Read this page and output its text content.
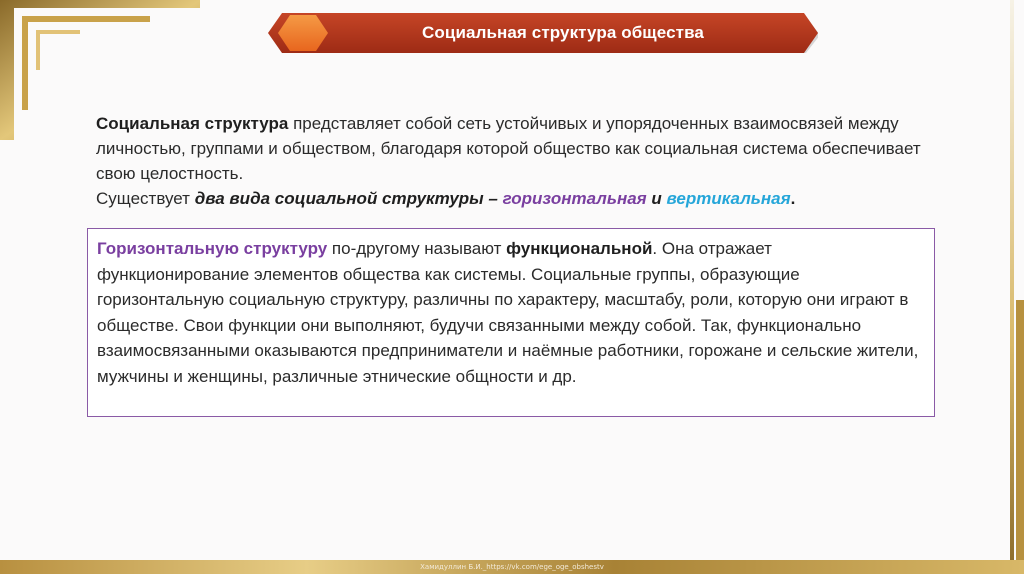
Социальная структура общества

Социальная структура представляет собой сеть устойчивых и упорядоченных взаимосвязей между личностью, группами и обществом, благодаря которой общество как социальная система обеспечивает свою целостность.

Существует два вида социальной структуры – горизонтальная и вертикальная.

Горизонтальную структуру по-другому называют функциональной. Она отражает функционирование элементов общества как системы. Социальные группы, образующие горизонтальную социальную структуру, различны по характеру, масштабу, роли, которую они играют в обществе. Свои функции они выполняют, будучи связанными между собой. Так, функционально взаимосвязанными оказываются предприниматели и наёмные работники, горожане и сельские жители, мужчины и женщины, различные этнические общности и др.

Хамидуллин Б.И._https://vk.com/ege_oge_obshestv
